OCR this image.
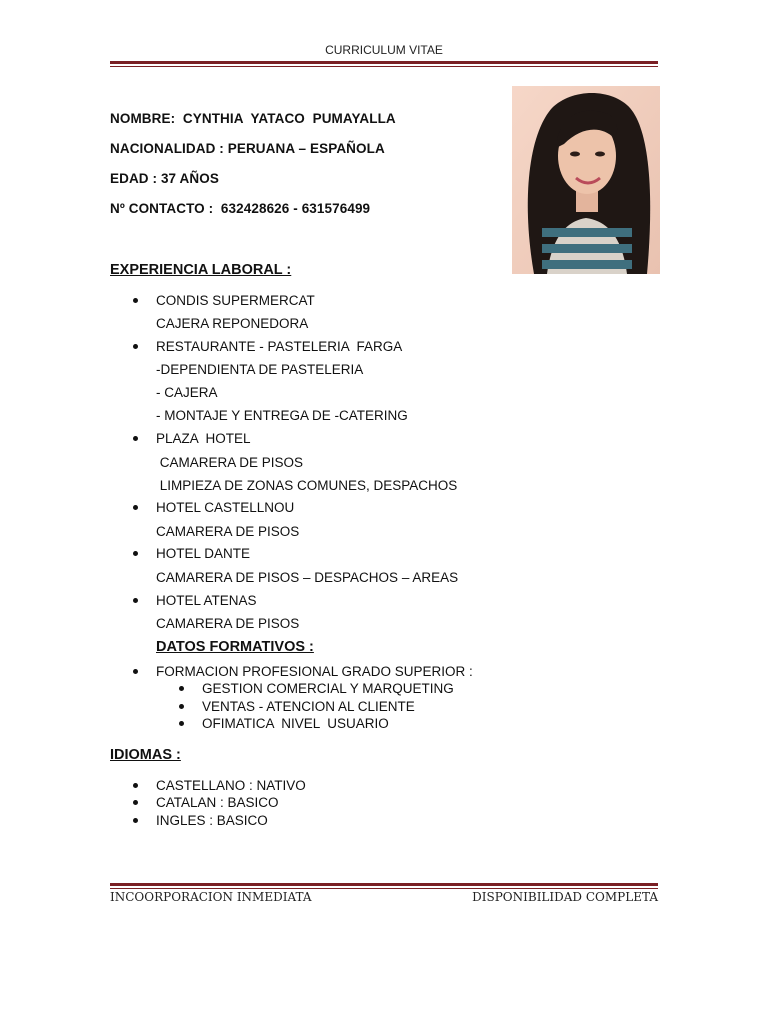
CURRICULUM VITAE
NOMBRE:  CYNTHIA  YATACO  PUMAYALLA
NACIONALIDAD : PERUANA – ESPAÑOLA
EDAD : 37 AÑOS
Nº CONTACTO :  632428626 - 631576499
EXPERIENCIA LABORAL :
CONDIS SUPERMERCAT
CAJERA REPONEDORA
RESTAURANTE - PASTELERIA  FARGA
-DEPENDIENTA DE PASTELERIA
- CAJERA
- MONTAJE Y ENTREGA DE -CATERING
PLAZA  HOTEL
CAMARERA DE PISOS
LIMPIEZA DE ZONAS COMUNES, DESPACHOS
HOTEL CASTELLNOU
CAMARERA DE PISOS
HOTEL DANTE
CAMARERA DE PISOS – DESPACHOS – AREAS
HOTEL ATENAS
CAMARERA DE PISOS
DATOS FORMATIVOS :
FORMACION PROFESIONAL GRADO SUPERIOR :
GESTION COMERCIAL Y MARQUETING
VENTAS - ATENCION AL CLIENTE
OFIMATICA  NIVEL  USUARIO
IDIOMAS :
CASTELLANO : NATIVO
CATALAN : BASICO
INGLES : BASICO
INCOORPORACION INMEDIATA	DISPONIBILIDAD COMPLETA
